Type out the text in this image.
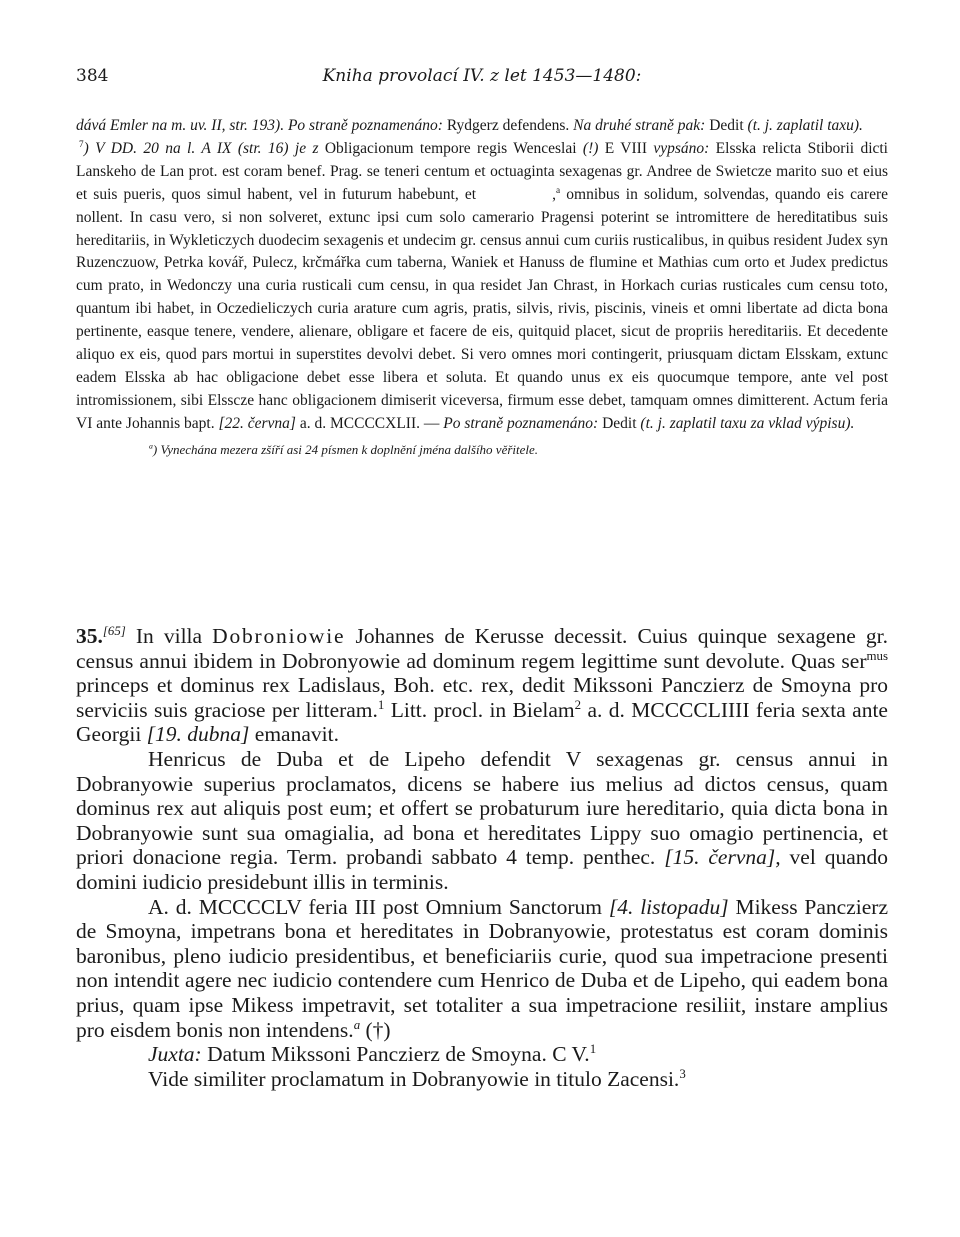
384	Kniha provolací IV. z let 1453—1480:

dává Emler na m. uv. II, str. 193). Po straně poznamenáno: Rydgerz defendens. Na druhé straně pak: Dedit (t. j. zaplatil taxu).

$^7$) V DD. 20 na l. A IX (str. 16) je z Obligacionum tempore regis Wenceslai (!) E VIII vypsáno: Elsska relicta Stiborii dicti Lanskeho de Lan prot. est coram benef. Prag. se teneri centum et octuaginta sexagenas gr. Andree de Swietcze marito suo et eius et suis pueris, quos simul habent, vel in futurum habebunt, et	,$^a$ omnibus in solidum, solvendas, quando eis carere nollent. In casu vero, si non solveret, extunc ipsi cum solo camerario Pragensi poterint se intromittere de hereditatibus suis hereditariis, in Wykleticzych duodecim sexagenis et undecim gr. census annui cum curiis rusticalibus, in quibus resident Judex syn Ruzenczuow, Petrka kovář, Pulecz, krčmářka cum taberna, Waniek et Hanuss de flumine et Mathias cum orto et Judex predictus cum prato, in Wedonczy una curia rusticali cum censu, in qua residet Jan Chrast, in Horkach curias rusticales cum censu toto, quantum ibi habet, in Oczedieliczych curia arature cum agris, pratis, silvis, rivis, piscinis, vineis et omni libertate ad dicta bona pertinente, easque tenere, vendere, alienare, obligare et facere de eis, quitquid placet, sicut de propriis hereditariis. Et decedente aliquo ex eis, quod pars mortui in superstites devolvi debet. Si vero omnes mori contingerit, priusquam dictam Elsskam, extunc eadem Elsska ab hac obligacione debet esse libera et soluta. Et quando unus ex eis quocumque tempore, ante vel post intromissionem, sibi Elsscze hanc obligacionem dimiserit viceversa, firmum esse debet, tamquam omnes dimitterent. Actum feria VI ante Johannis bapt. [22. června] a. d. MCCCCXLII. — Po straně poznamenáno: Dedit (t. j. zaplatil taxu za vklad výpisu).

$^a$) Vynechána mezera zšíří asi 24 písmen k doplnění jména dalšího věřitele.

35.[65] In villa Dobroniowie Johannes de Kerusse decessit. Cuius quinque sexagene gr. census annui ibidem in Dobronyowie ad dominum regem legittime sunt devolute. Quas ser$^{mus}$ princeps et dominus rex Ladislaus, Boh. etc. rex, dedit Mikssoni Panczierz de Smoyna pro serviciis suis graciose per litteram.$^1$ Litt. procl. in Bielam$^2$ a. d. MCCCCLIIII feria sexta ante Georgii [19. dubna] emanavit.

Henricus de Duba et de Lipeho defendit V sexagenas gr. census annui in Dobranyowie superius proclamatos, dicens se habere ius melius ad dictos census, quam dominus rex aut aliquis post eum; et offert se probaturum iure hereditario, quia dicta bona in Dobranyowie sunt sua omagialia, ad bona et hereditates Lippy suo omagio pertinencia, et priori donacione regia. Term. probandi sabbato 4 temp. penthec. [15. června], vel quando domini iudicio presidebunt illis in terminis.

A. d. MCCCCLV feria III post Omnium Sanctorum [4. listopadu] Mikess Panczierz de Smoyna, impetrans bona et hereditates in Dobranyowie, protestatus est coram dominis baronibus, pleno iudicio presidentibus, et beneficiariis curie, quod sua impetracione presenti non intendit agere nec iudicio contendere cum Henrico de Duba et de Lipeho, qui eadem bona prius, quam ipse Mikess impetravit, set totaliter a sua impetracione resiliit, instare amplius pro eisdem bonis non intendens.$^a$ (†)

Juxta: Datum Mikssoni Panczierz de Smoyna. C V.$^1$

Vide similiter proclamatum in Dobranyowie in titulo Zacensi.$^3$
